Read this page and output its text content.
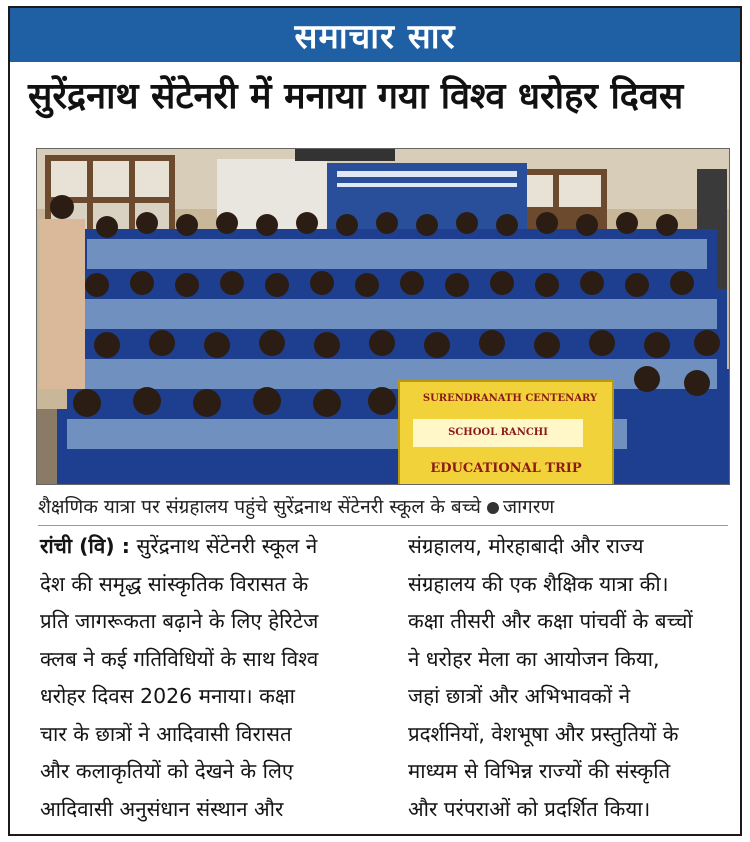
समाचार सार
सुरेंद्रनाथ सेंटेनरी में मनाया गया विश्व धरोहर दिवस
SURENDRANATH CENTENARY
SCHOOL RANCHI
EDUCATIONAL TRIP
शैक्षणिक यात्रा पर संग्रहालय पहुंचे सुरेंद्रनाथ सेंटेनरी स्कूल के बच्चे जागरण
रांची (वि) : सुरेंद्रनाथ सेंटेनरी स्कूल ने
देश की समृद्ध सांस्कृतिक विरासत के
प्रति जागरूकता बढ़ाने के लिए हेरिटेज
क्लब ने कई गतिविधियों के साथ विश्व
धरोहर दिवस 2026 मनाया। कक्षा
चार के छात्रों ने आदिवासी विरासत
और कलाकृतियों को देखने के लिए
आदिवासी अनुसंधान संस्थान और
संग्रहालय, मोरहाबादी और राज्य
संग्रहालय की एक शैक्षिक यात्रा की।
कक्षा तीसरी और कक्षा पांचवीं के बच्चों
ने धरोहर मेला का आयोजन किया,
जहां छात्रों और अभिभावकों ने
प्रदर्शनियों, वेशभूषा और प्रस्तुतियों के
माध्यम से विभिन्न राज्यों की संस्कृति
और परंपराओं को प्रदर्शित किया।
